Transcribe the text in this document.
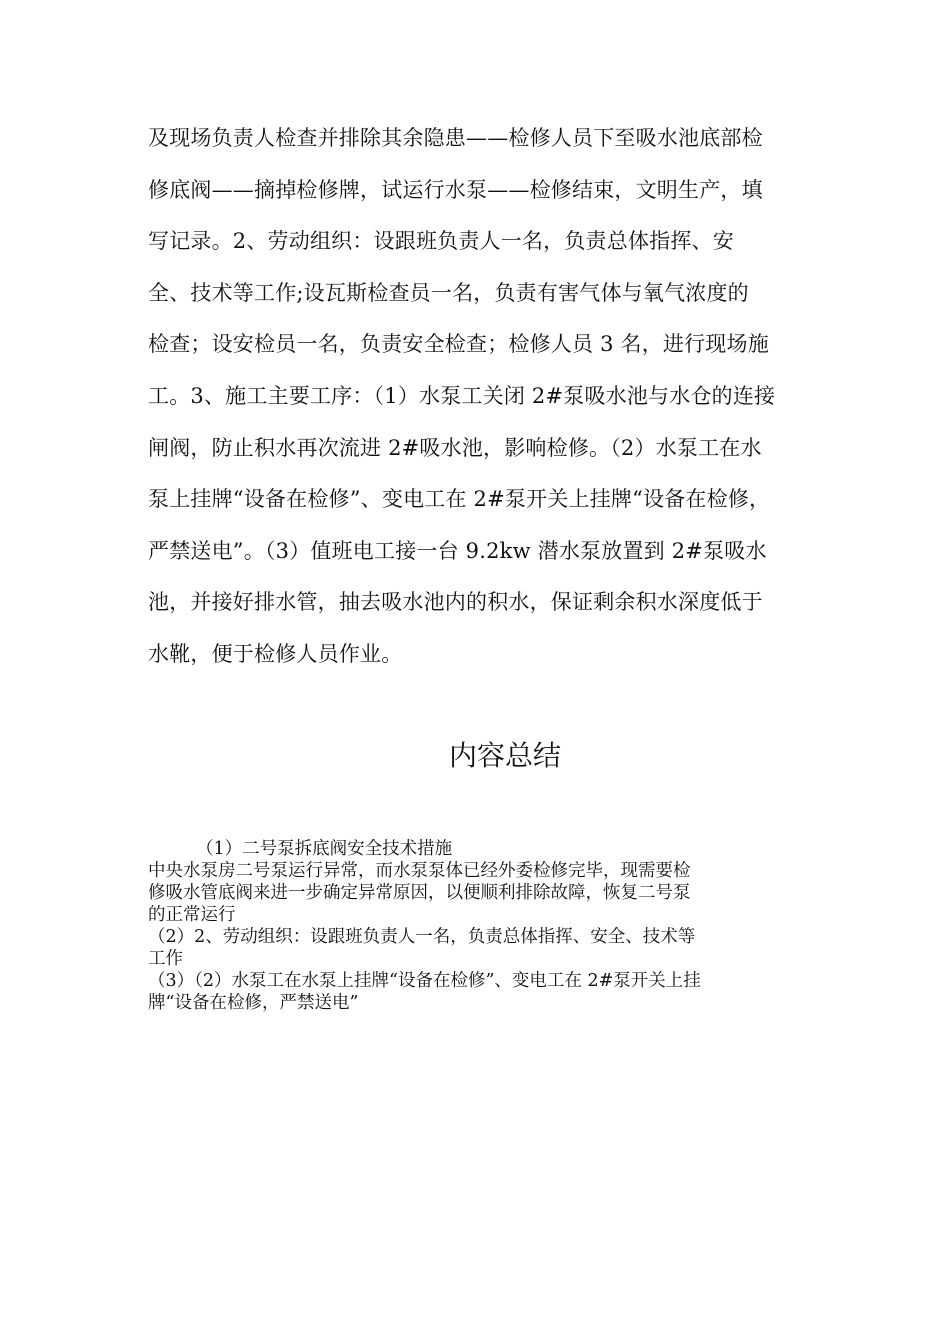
及现场负责人检查并排除其余隐患——检修人员下至吸水池底部检
修底阀——摘掉检修牌，试运行水泵——检修结束，文明生产，填
写记录。2、劳动组织：设跟班负责人一名，负责总体指挥、安
全、技术等工作;设瓦斯检查员一名，负责有害气体与氧气浓度的
检查；设安检员一名，负责安全检查；检修人员 3 名，进行现场施
工。3、施工主要工序：（1）水泵工关闭 2#泵吸水池与水仓的连接
闸阀，防止积水再次流进 2#吸水池，影响检修。（2）水泵工在水
泵上挂牌“设备在检修”、变电工在 2#泵开关上挂牌“设备在检修，
严禁送电”。（3）值班电工接一台 9.2kw 潜水泵放置到 2#泵吸水
池，并接好排水管，抽去吸水池内的积水，保证剩余积水深度低于
水靴，便于检修人员作业。
内容总结
（1）二号泵拆底阀安全技术措施
中央水泵房二号泵运行异常，而水泵泵体已经外委检修完毕，现需要检
修吸水管底阀来进一步确定异常原因，以便顺利排除故障，恢复二号泵
的正常运行
（2）2、劳动组织：设跟班负责人一名，负责总体指挥、安全、技术等
工作
（3）（2）水泵工在水泵上挂牌“设备在检修”、变电工在 2#泵开关上挂
牌“设备在检修，严禁送电”
